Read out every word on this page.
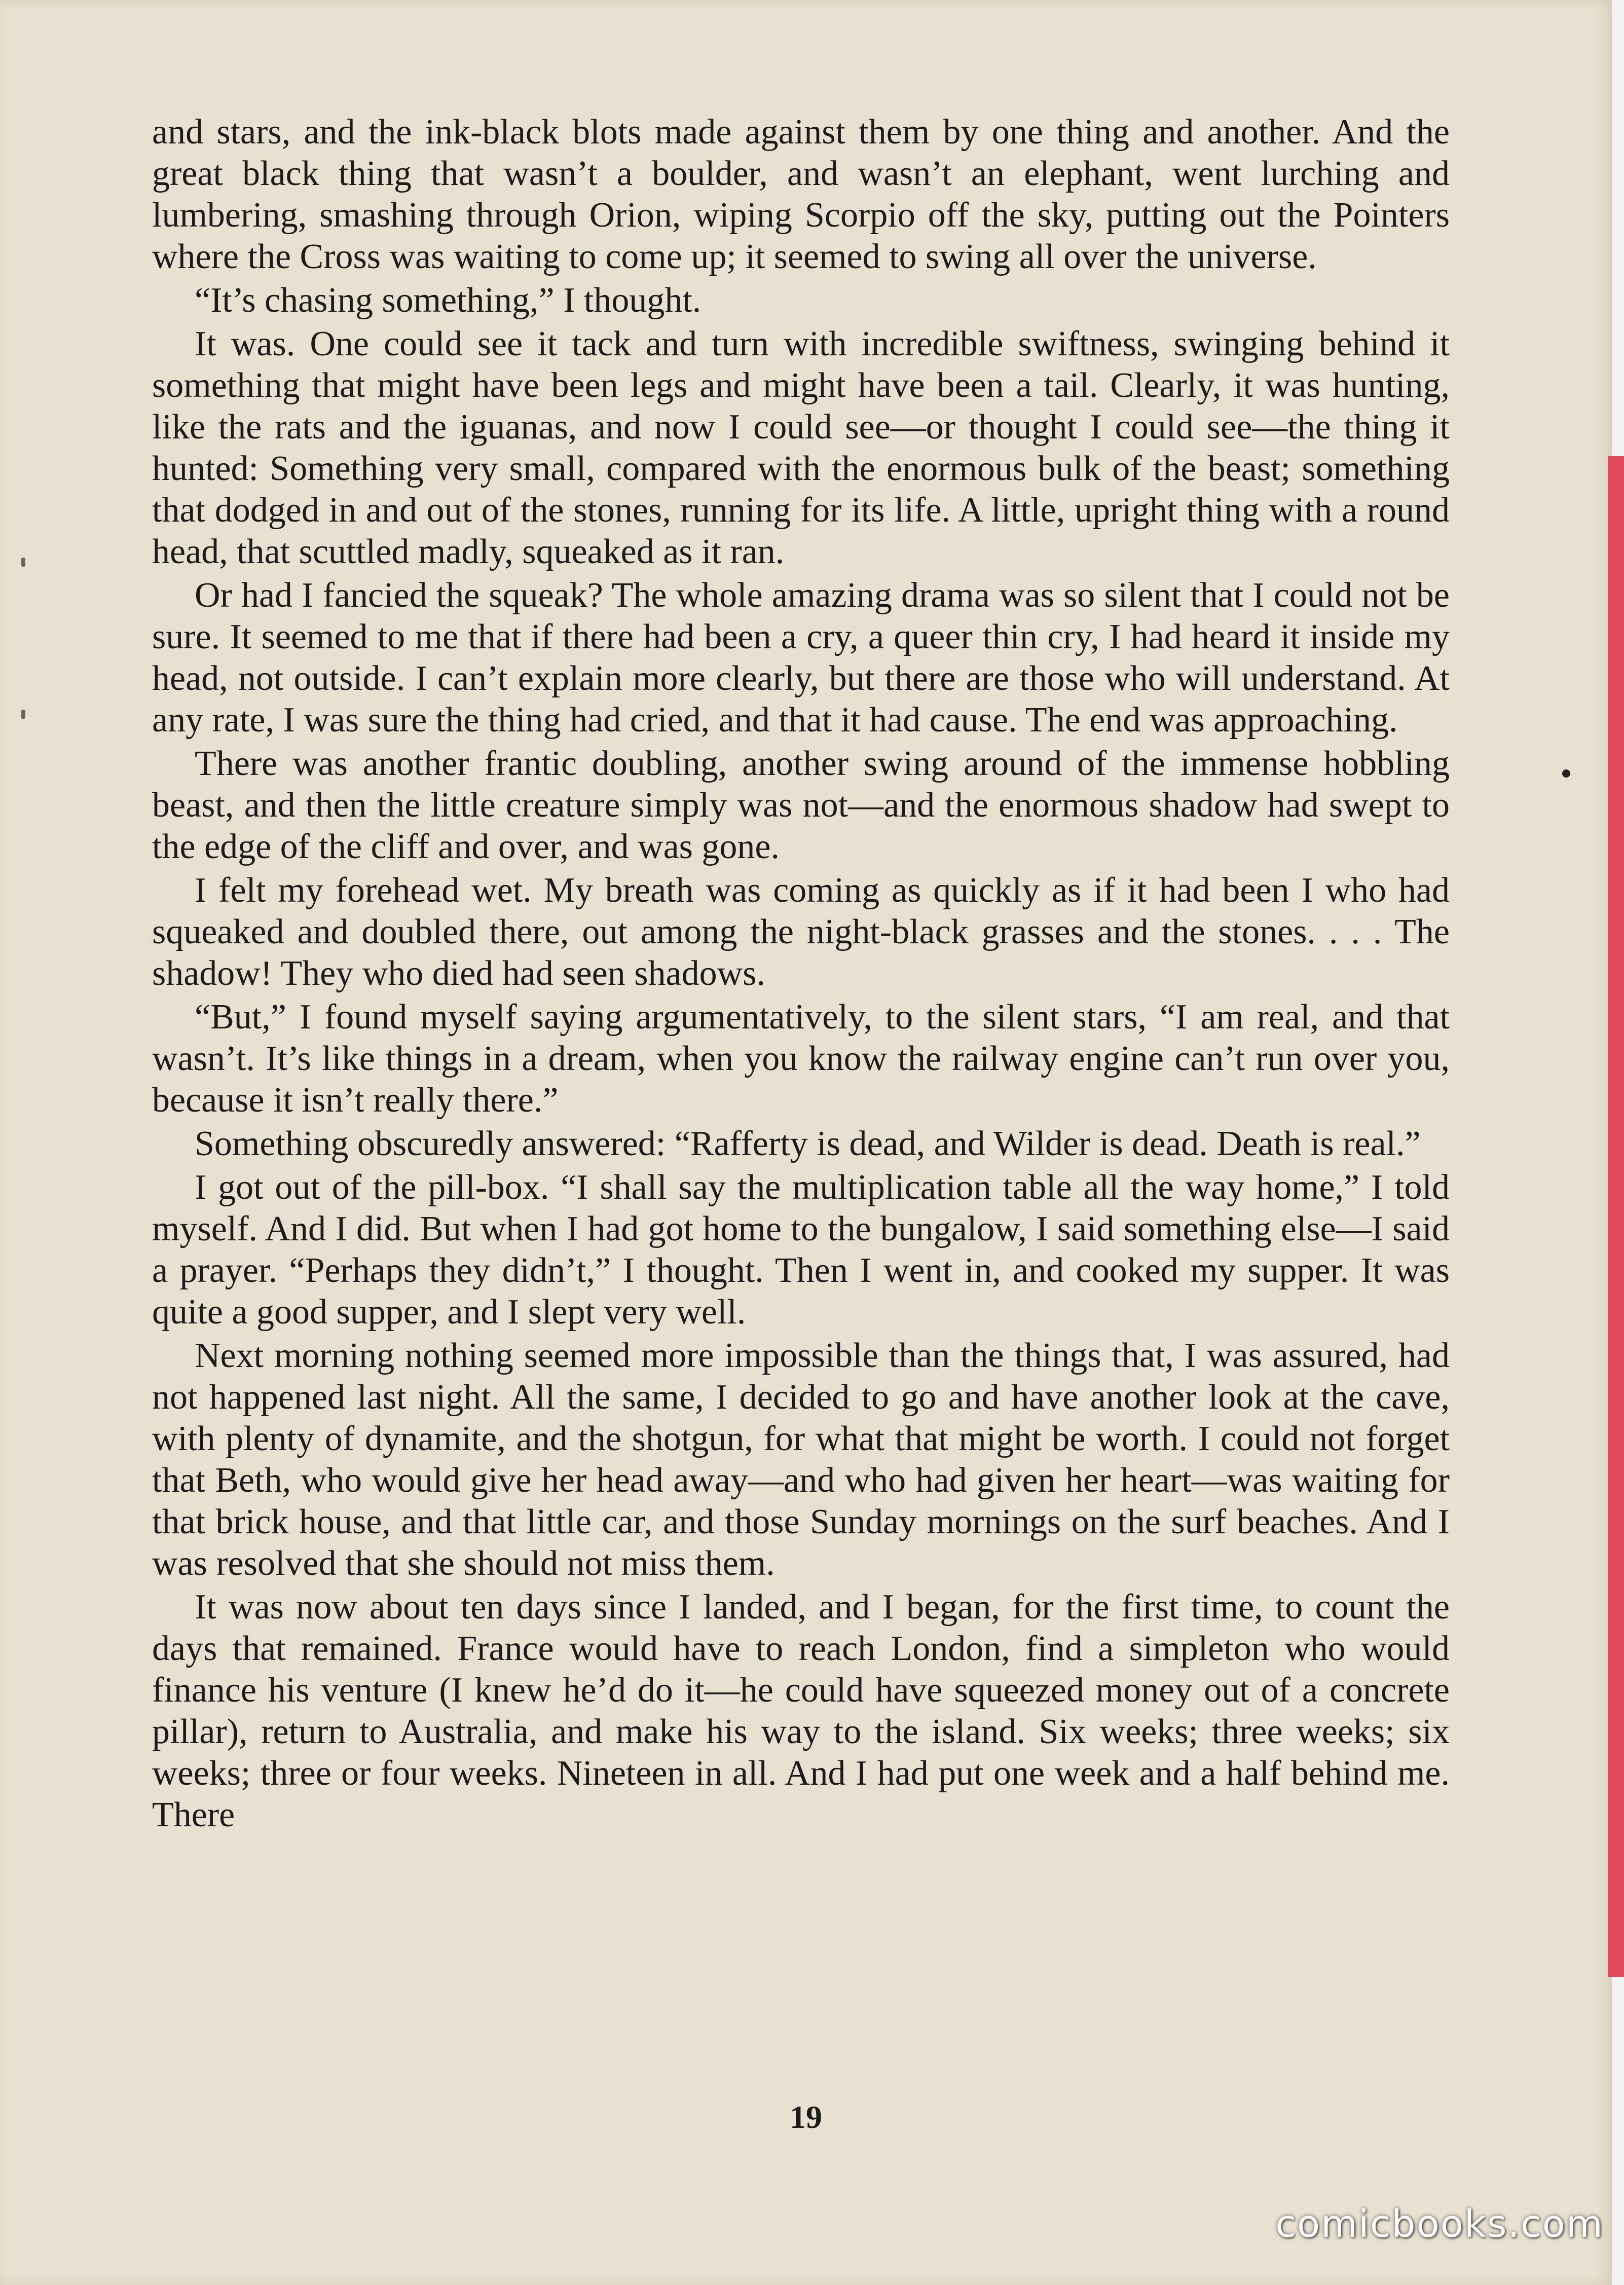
and stars, and the ink-black blots made against them by one thing and another. And the great black thing that wasn’t a boulder, and wasn’t an elephant, went lurching and lumbering, smashing through Orion, wiping Scorpio off the sky, putting out the Pointers where the Cross was waiting to come up; it seemed to swing all over the universe.

“It’s chasing something,” I thought.

It was. One could see it tack and turn with incredible swiftness, swinging behind it something that might have been legs and might have been a tail. Clearly, it was hunting, like the rats and the iguanas, and now I could see—or thought I could see—the thing it hunted: Something very small, compared with the enormous bulk of the beast; something that dodged in and out of the stones, running for its life. A little, upright thing with a round head, that scuttled madly, squeaked as it ran.

Or had I fancied the squeak? The whole amazing drama was so silent that I could not be sure. It seemed to me that if there had been a cry, a queer thin cry, I had heard it inside my head, not outside. I can’t explain more clearly, but there are those who will understand. At any rate, I was sure the thing had cried, and that it had cause. The end was approaching.

There was another frantic doubling, another swing around of the immense hobbling beast, and then the little creature simply was not—and the enormous shadow had swept to the edge of the cliff and over, and was gone.

I felt my forehead wet. My breath was coming as quickly as if it had been I who had squeaked and doubled there, out among the night-black grasses and the stones. . . . The shadow! They who died had seen shadows.

“But,” I found myself saying argumentatively, to the silent stars, “I am real, and that wasn’t. It’s like things in a dream, when you know the railway engine can’t run over you, because it isn’t really there.”

Something obscuredly answered: “Rafferty is dead, and Wilder is dead. Death is real.”

I got out of the pill-box. “I shall say the multiplication table all the way home,” I told myself. And I did. But when I had got home to the bungalow, I said something else—I said a prayer. “Perhaps they didn’t,” I thought. Then I went in, and cooked my supper. It was quite a good supper, and I slept very well.

Next morning nothing seemed more impossible than the things that, I was assured, had not happened last night. All the same, I decided to go and have another look at the cave, with plenty of dynamite, and the shotgun, for what that might be worth. I could not forget that Beth, who would give her head away—and who had given her heart—was waiting for that brick house, and that little car, and those Sunday mornings on the surf beaches. And I was resolved that she should not miss them.

It was now about ten days since I landed, and I began, for the first time, to count the days that remained. France would have to reach London, find a simpleton who would finance his venture (I knew he’d do it—he could have squeezed money out of a concrete pillar), return to Australia, and make his way to the island. Six weeks; three weeks; six weeks; three or four weeks. Nineteen in all. And I had put one week and a half behind me. There

19
comicbooks.com
